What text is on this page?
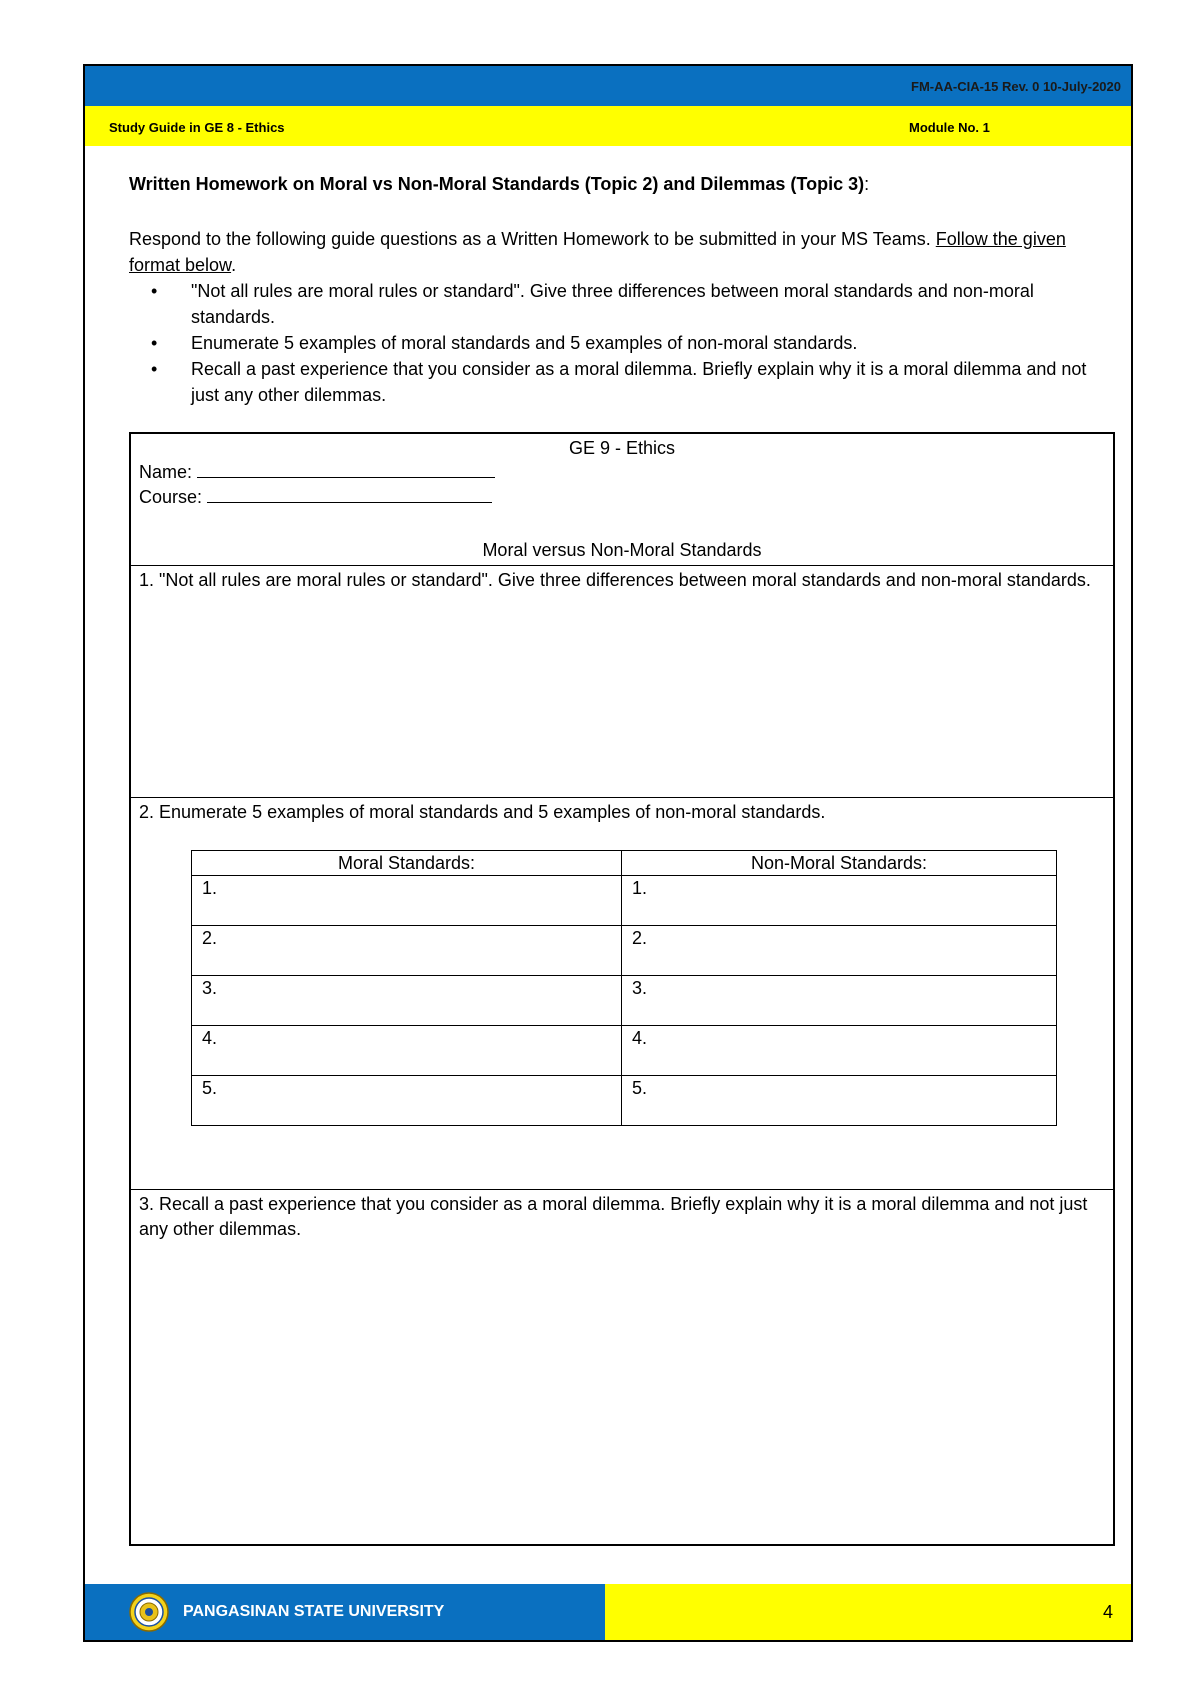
FM-AA-CIA-15 Rev. 0 10-July-2020
Study Guide in GE 8 - Ethics	Module No. 1
Written Homework on Moral vs Non-Moral Standards (Topic 2) and Dilemmas (Topic 3):

Respond to the following guide questions as a Written Homework to be submitted in your MS Teams. Follow the given format below.

• "Not all rules are moral rules or standard". Give three differences between moral standards and non-moral standards.
• Enumerate 5 examples of moral standards and 5 examples of non-moral standards.
• Recall a past experience that you consider as a moral dilemma. Briefly explain why it is a moral dilemma and not just any other dilemmas.
GE 9 - Ethics
Name:
Course:
Moral versus Non-Moral Standards
1. "Not all rules are moral rules or standard". Give three differences between moral standards and non-moral standards.
2. Enumerate 5 examples of moral standards and 5 examples of non-moral standards.
Moral Standards:	Non-Moral Standards:
1.	1.
2.	2.
3.	3.
4.	4.
5.	5.
3. Recall a past experience that you consider as a moral dilemma. Briefly explain why it is a moral dilemma and not just any other dilemmas.
PANGASINAN STATE UNIVERSITY	4
